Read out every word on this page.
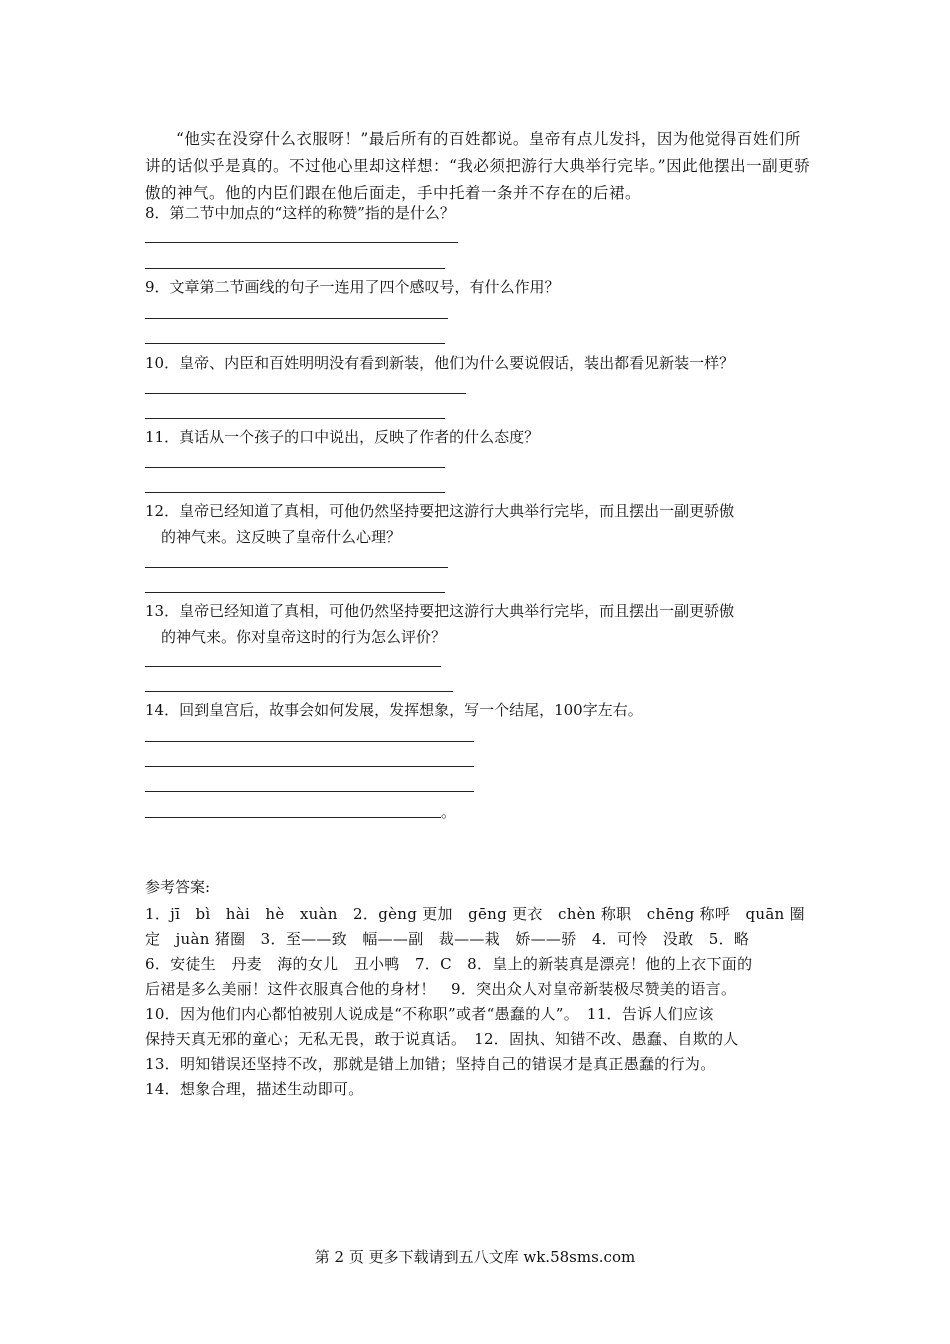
“他实在没穿什么衣服呀！”最后所有的百姓都说。皇帝有点儿发抖，因为他觉得百姓们所讲的话似乎是真的。不过他心里却这样想：“我必须把游行大典举行完毕。”因此他摆出一副更骄傲的神气。他的内臣们跟在他后面走，手中托着一条并不存在的后裙。

8．第二节中加点的“这样的称赞”指的是什么？

9．文章第二节画线的句子一连用了四个感叹号，有什么作用？

10．皇帝、内臣和百姓明明没有看到新装，他们为什么要说假话，装出都看见新装一样？

11．真话从一个孩子的口中说出，反映了作者的什么态度？

12．皇帝已经知道了真相，可他仍然坚持要把这游行大典举行完毕，而且摆出一副更骄傲

的神气来。这反映了皇帝什么心理？

13．皇帝已经知道了真相，可他仍然坚持要把这游行大典举行完毕，而且摆出一副更骄傲

的神气来。你对皇帝这时的行为怎么评价？

14．回到皇宫后，故事会如何发展，发挥想象，写一个结尾，100字左右。

。
参考答案:
1．jī　bì　hài　hè　xuàn　2．gèng 更加　gēng 更衣　chèn 称职　chēng 称呼　quān 圈
定　juàn 猪圈　3．至——致　幅——副　裁——栽　娇——骄　4．可怜　没敢　5．略
6．安徒生　丹麦　海的女儿　丑小鸭　7．C　8．皇上的新装真是漂亮！他的上衣下面的
后裙是多么美丽！这件衣服真合他的身材！　9．突出众人对皇帝新装极尽赞美的语言。
10．因为他们内心都怕被别人说成是“不称职”或者“愚蠢的人”。　11．告诉人们应该
保持天真无邪的童心；无私无畏，敢于说真话。　12．固执、知错不改、愚蠢、自欺的人
13．明知错误还坚持不改，那就是错上加错；坚持自己的错误才是真正愚蠢的行为。
14．想象合理，描述生动即可。
第 2 页 更多下载请到五八文库 wk.58sms.com
